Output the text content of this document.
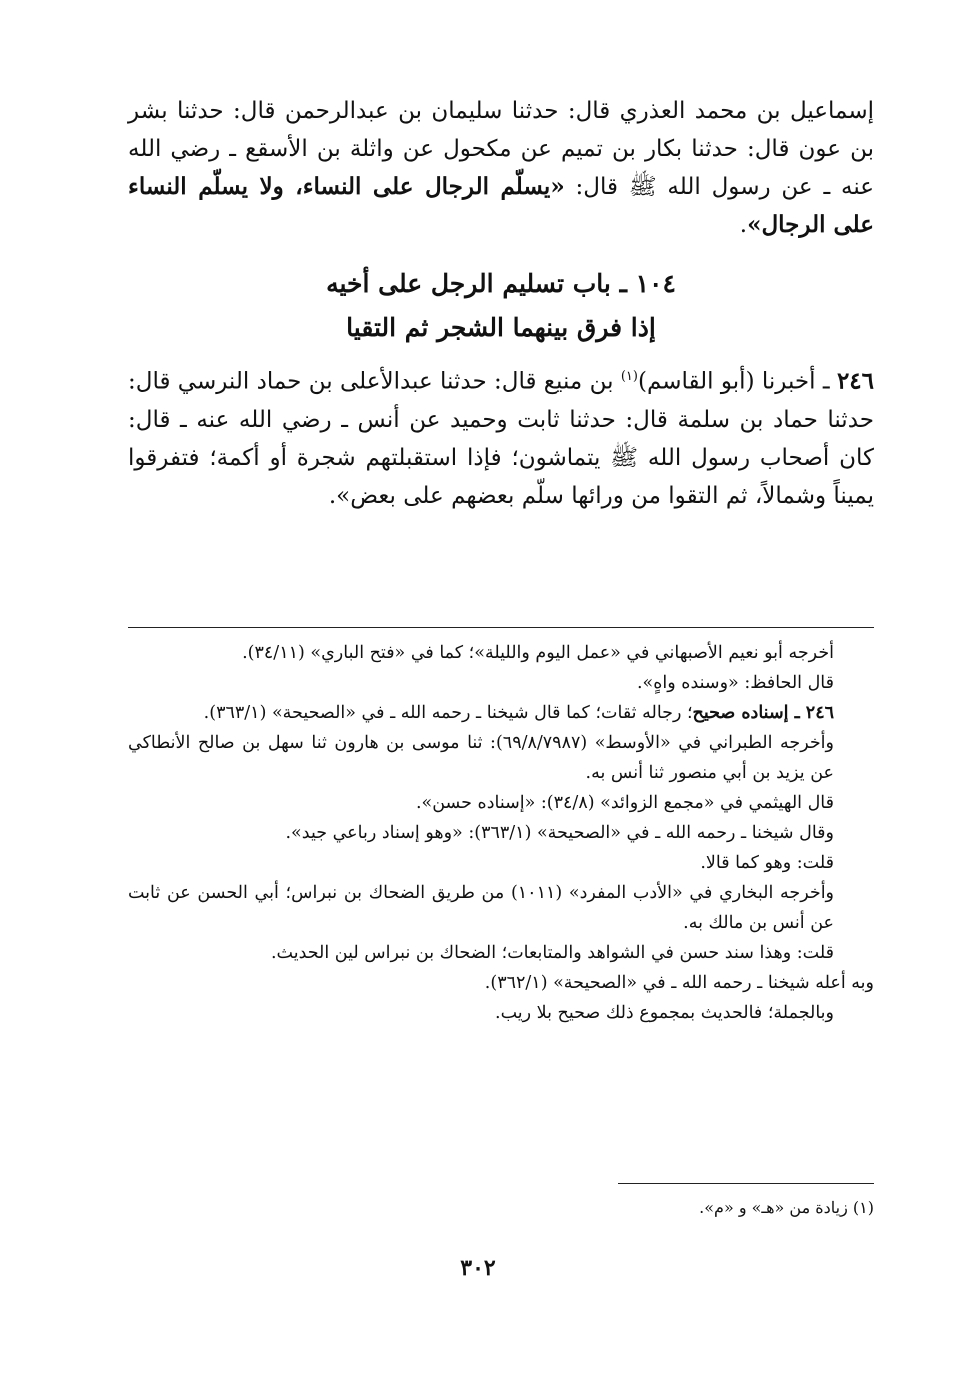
إسماعيل بن محمد العذري قال: حدثنا سليمان بن عبدالرحمن قال: حدثنا بشر بن عون قال: حدثنا بكار بن تميم عن مكحول عن واثلة بن الأسقع ـ رضي الله عنه ـ عن رسول الله ﷺ قال: «يسلّم الرجال على النساء، ولا يسلّم النساء على الرجال».

١٠٤ ـ باب تسليم الرجل على أخيه
إذا فرق بينهما الشجر ثم التقيا

٢٤٦ ـ أخبرنا (أبو القاسم)$^{(١)}$ بن منيع قال: حدثنا عبدالأعلى بن حماد النرسي قال: حدثنا حماد بن سلمة قال: حدثنا ثابت وحميد عن أنس ـ رضي الله عنه ـ قال: كان أصحاب رسول الله ﷺ يتماشون؛ فإذا استقبلتهم شجرة أو أكمة؛ فتفرقوا يميناً وشمالاً، ثم التقوا من ورائها سلّم بعضهم على بعض».

أخرجه أبو نعيم الأصبهاني في «عمل اليوم والليلة»؛ كما في «فتح الباري» (٣٤/١١).

قال الحافظ: «وسنده واهٍ».

٢٤٦ ـ إسناده صحيح؛ رجاله ثقات؛ كما قال شيخنا ـ رحمه الله ـ في «الصحيحة» (٣٦٣/١).

وأخرجه الطبراني في «الأوسط» (٦٩/٨/٧٩٨٧): ثنا موسى بن هارون ثنا سهل بن صالح الأنطاكي عن يزيد بن أبي منصور ثنا أنس به.

قال الهيثمي في «مجمع الزوائد» (٣٤/٨): «إسناده حسن».

وقال شيخنا ـ رحمه الله ـ في «الصحيحة» (٣٦٣/١): «وهو إسناد رباعي جيد».

قلت: وهو كما قالا.

وأخرجه البخاري في «الأدب المفرد» (١٠١١) من طريق الضحاك بن نبراس؛ أبي الحسن عن ثابت عن أنس بن مالك به.

قلت: وهذا سند حسن في الشواهد والمتابعات؛ الضحاك بن نبراس لين الحديث.

وبه أعله شيخنا ـ رحمه الله ـ في «الصحيحة» (٣٦٢/١).

وبالجملة؛ فالحديث بمجموع ذلك صحيح بلا ريب.

(١) زيادة من «هـ» و «م».
٣٠٢
